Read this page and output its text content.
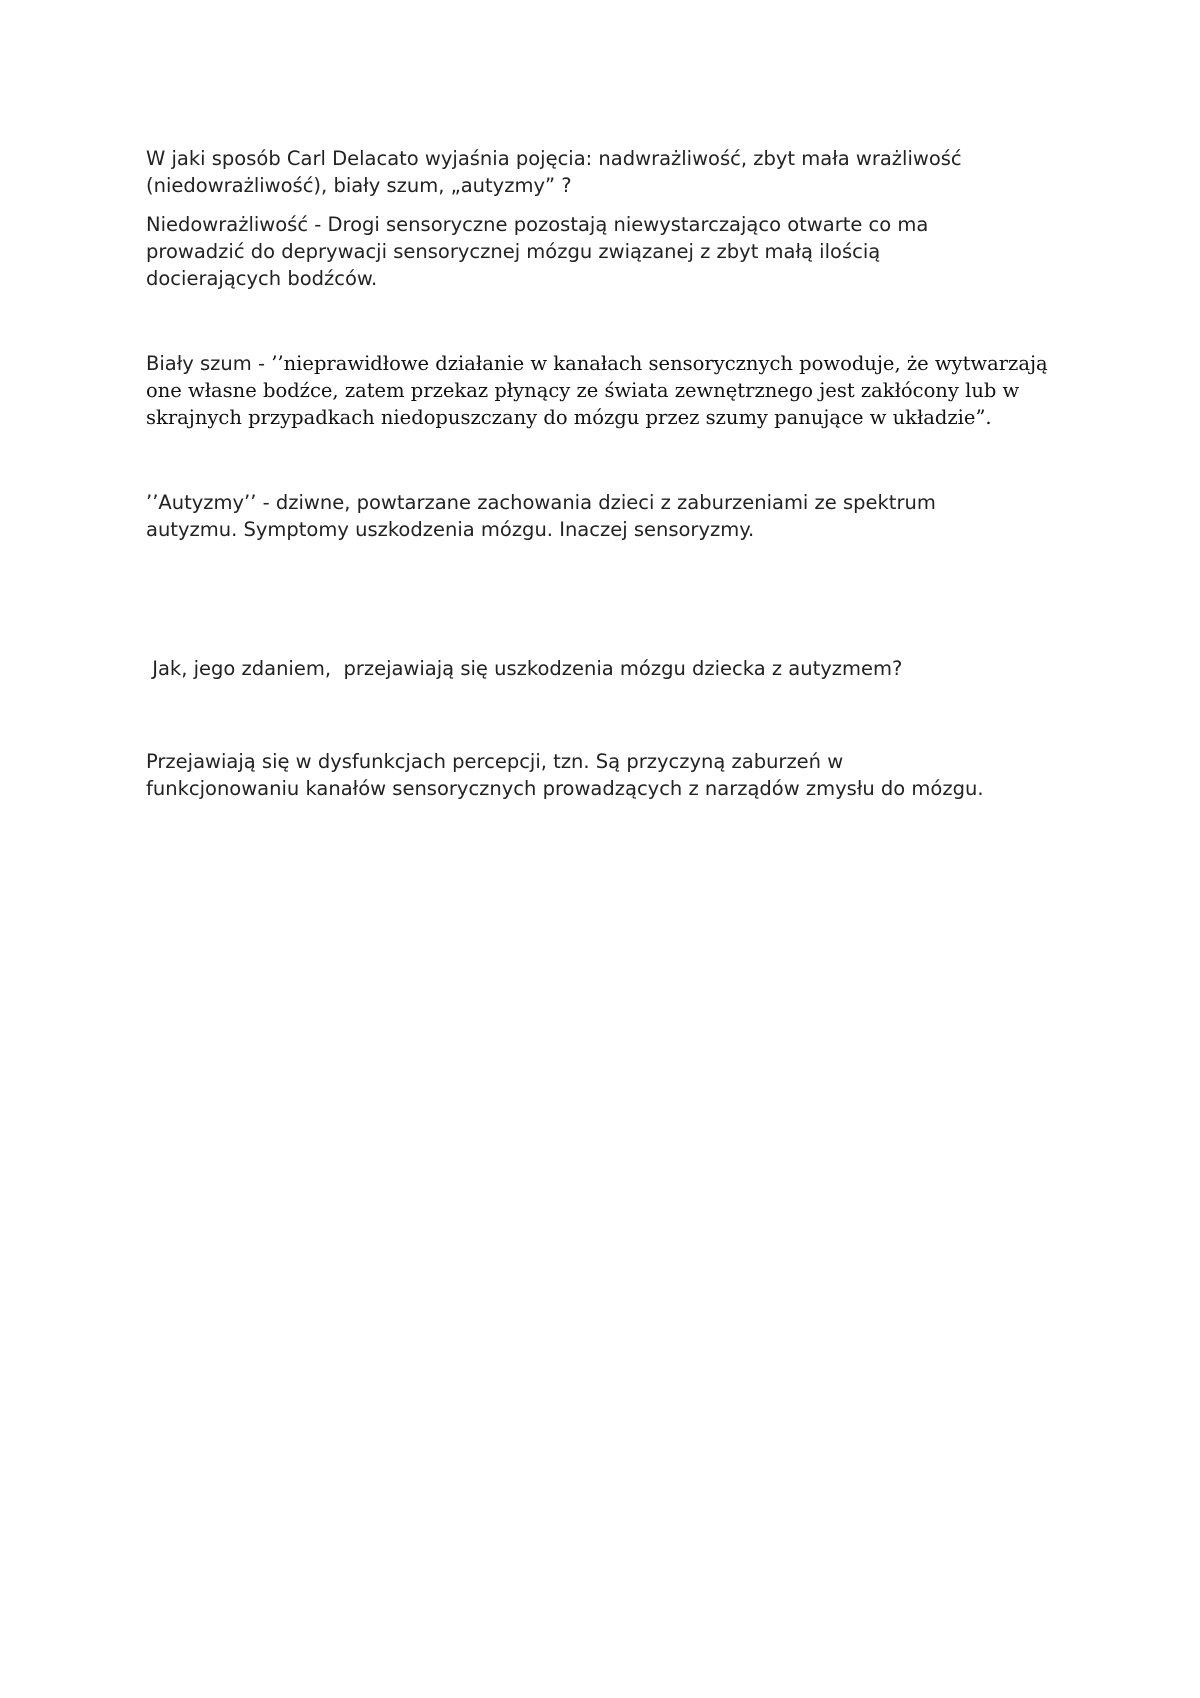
W jaki sposób Carl Delacato wyjaśnia pojęcia: nadwrażliwość, zbyt mała wrażliwość
(niedowrażliwość), biały szum, „autyzmy” ?

Niedowrażliwość - Drogi sensoryczne pozostają niewystarczająco otwarte co ma
prowadzić do deprywacji sensorycznej mózgu związanej z zbyt małą ilością
docierających bodźców.

Biały szum - ’’nieprawidłowe działanie w kanałach sensorycznych powoduje, że wytwarzają
one własne bodźce, zatem przekaz płynący ze świata zewnętrznego jest zakłócony lub w
skrajnych przypadkach niedopuszczany do mózgu przez szumy panujące w układzie”.

’’Autyzmy’’ - dziwne, powtarzane zachowania dzieci z zaburzeniami ze spektrum
autyzmu. Symptomy uszkodzenia mózgu. Inaczej sensoryzmy.

Jak, jego zdaniem,  przejawiają się uszkodzenia mózgu dziecka z autyzmem?

Przejawiają się w dysfunkcjach percepcji, tzn. Są przyczyną zaburzeń w
funkcjonowaniu kanałów sensorycznych prowadzących z narządów zmysłu do mózgu.
